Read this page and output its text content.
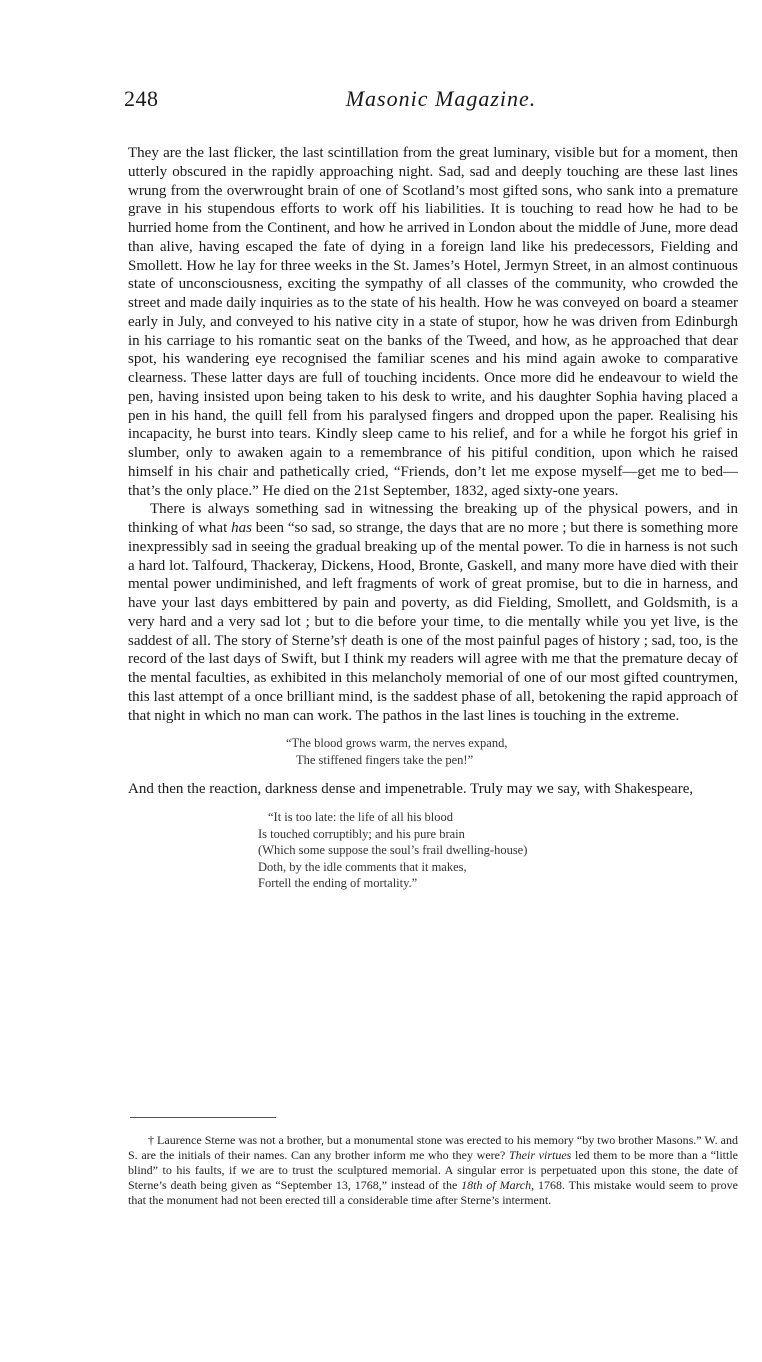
248	Masonic Magazine.

They are the last flicker, the last scintillation from the great luminary, visible but for a moment, then utterly obscured in the rapidly approaching night. Sad, sad and deeply touching are these last lines wrung from the overwrought brain of one of Scotland’s most gifted sons, who sank into a premature grave in his stupendous efforts to work off his liabilities. It is touching to read how he had to be hurried home from the Continent, and how he arrived in London about the middle of June, more dead than alive, having escaped the fate of dying in a foreign land like his predecessors, Fielding and Smollett. How he lay for three weeks in the St. James’s Hotel, Jermyn Street, in an almost continuous state of unconsciousness, exciting the sympathy of all classes of the community, who crowded the street and made daily inquiries as to the state of his health. How he was conveyed on board a steamer early in July, and conveyed to his native city in a state of stupor, how he was driven from Edinburgh in his carriage to his romantic seat on the banks of the Tweed, and how, as he approached that dear spot, his wandering eye recognised the familiar scenes and his mind again awoke to comparative clearness. These latter days are full of touching incidents. Once more did he endeavour to wield the pen, having insisted upon being taken to his desk to write, and his daughter Sophia having placed a pen in his hand, the quill fell from his paralysed fingers and dropped upon the paper. Realising his incapacity, he burst into tears. Kindly sleep came to his relief, and for a while he forgot his grief in slumber, only to awaken again to a remembrance of his pitiful condition, upon which he raised himself in his chair and pathetically cried, “Friends, don’t let me expose myself—get me to bed—that’s the only place.” He died on the 21st September, 1832, aged sixty-one years.

There is always something sad in witnessing the breaking up of the physical powers, and in thinking of what has been “so sad, so strange, the days that are no more ; but there is something more inexpressibly sad in seeing the gradual breaking up of the mental power. To die in harness is not such a hard lot. Talfourd, Thackeray, Dickens, Hood, Bronte, Gaskell, and many more have died with their mental power undiminished, and left fragments of work of great promise, but to die in harness, and have your last days embittered by pain and poverty, as did Fielding, Smollett, and Goldsmith, is a very hard and a very sad lot ; but to die before your time, to die mentally while you yet live, is the saddest of all. The story of Sterne’s† death is one of the most painful pages of history ; sad, too, is the record of the last days of Swift, but I think my readers will agree with me that the premature decay of the mental faculties, as exhibited in this melancholy memorial of one of our most gifted countrymen, this last attempt of a once brilliant mind, is the saddest phase of all, betokening the rapid approach of that night in which no man can work. The pathos in the last lines is touching in the extreme.

“The blood grows warm, the nerves expand,
The stiffened fingers take the pen!”

And then the reaction, darkness dense and impenetrable. Truly may we say, with Shakespeare,

“It is too late: the life of all his blood
Is touched corruptibly; and his pure brain
(Which some suppose the soul’s frail dwelling-house)
Doth, by the idle comments that it makes,
Fortell the ending of mortality.”

† Laurence Sterne was not a brother, but a monumental stone was erected to his memory “by two brother Masons.” W. and S. are the initials of their names. Can any brother inform me who they were? Their virtues led them to be more than a “little blind” to his faults, if we are to trust the sculptured memorial. A singular error is perpetuated upon this stone, the date of Sterne’s death being given as “September 13, 1768,” instead of the 18th of March, 1768. This mistake would seem to prove that the monument had not been erected till a considerable time after Sterne’s interment.
